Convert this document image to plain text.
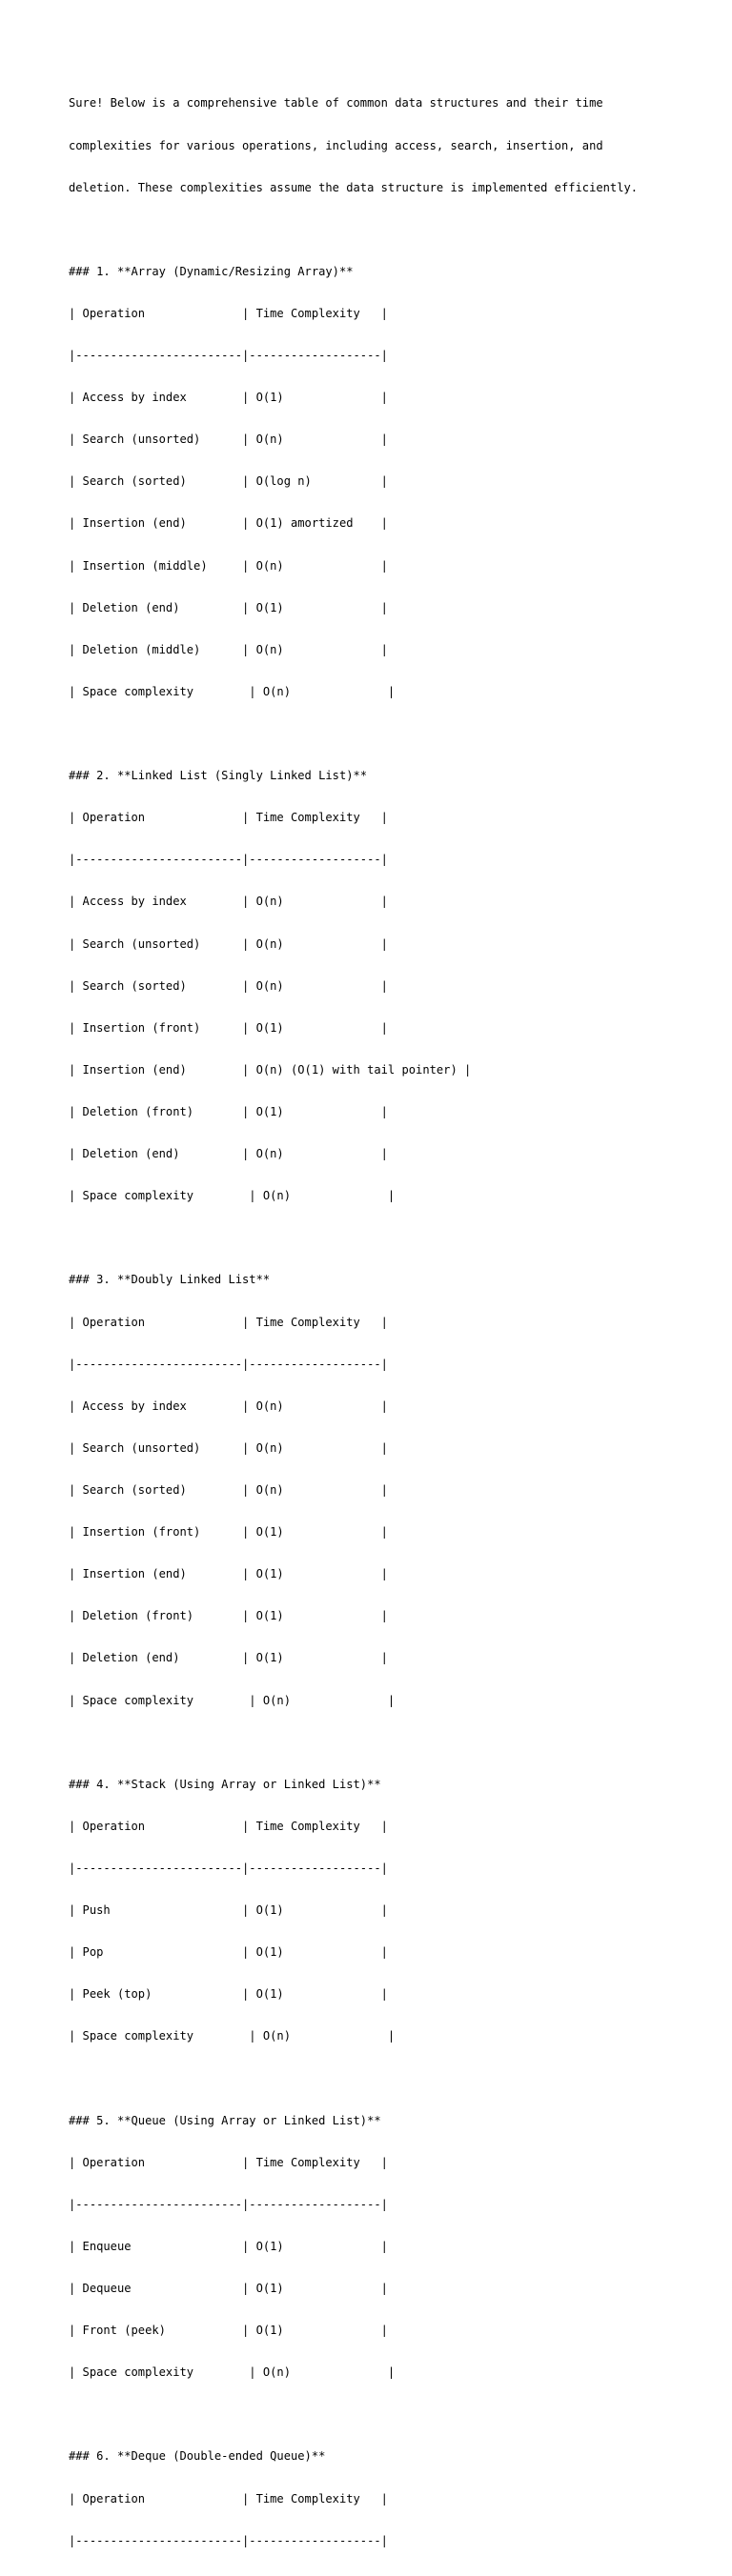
Sure! Below is a comprehensive table of common data structures and their time

complexities for various operations, including access, search, insertion, and

deletion. These complexities assume the data structure is implemented efficiently.

### 1. **Array (Dynamic/Resizing Array)**

| Operation              | Time Complexity   |

|------------------------|-------------------|

| Access by index        | O(1)              |

| Search (unsorted)      | O(n)              |

| Search (sorted)        | O(log n)          |

| Insertion (end)        | O(1) amortized    |

| Insertion (middle)     | O(n)              |

| Deletion (end)         | O(1)              |

| Deletion (middle)      | O(n)              |

| Space complexity        | O(n)              |

### 2. **Linked List (Singly Linked List)**

| Operation              | Time Complexity   |

|------------------------|-------------------|

| Access by index        | O(n)              |

| Search (unsorted)      | O(n)              |

| Search (sorted)        | O(n)              |

| Insertion (front)      | O(1)              |

| Insertion (end)        | O(n) (O(1) with tail pointer) |

| Deletion (front)       | O(1)              |

| Deletion (end)         | O(n)              |

| Space complexity        | O(n)              |

### 3. **Doubly Linked List**

| Operation              | Time Complexity   |

|------------------------|-------------------|

| Access by index        | O(n)              |

| Search (unsorted)      | O(n)              |

| Search (sorted)        | O(n)              |

| Insertion (front)      | O(1)              |

| Insertion (end)        | O(1)              |

| Deletion (front)       | O(1)              |

| Deletion (end)         | O(1)              |

| Space complexity        | O(n)              |

### 4. **Stack (Using Array or Linked List)**

| Operation              | Time Complexity   |

|------------------------|-------------------|

| Push                   | O(1)              |

| Pop                    | O(1)              |

| Peek (top)             | O(1)              |

| Space complexity        | O(n)              |

### 5. **Queue (Using Array or Linked List)**

| Operation              | Time Complexity   |

|------------------------|-------------------|

| Enqueue                | O(1)              |

| Dequeue                | O(1)              |

| Front (peek)           | O(1)              |

| Space complexity        | O(n)              |

### 6. **Deque (Double-ended Queue)**

| Operation              | Time Complexity   |

|------------------------|-------------------|
